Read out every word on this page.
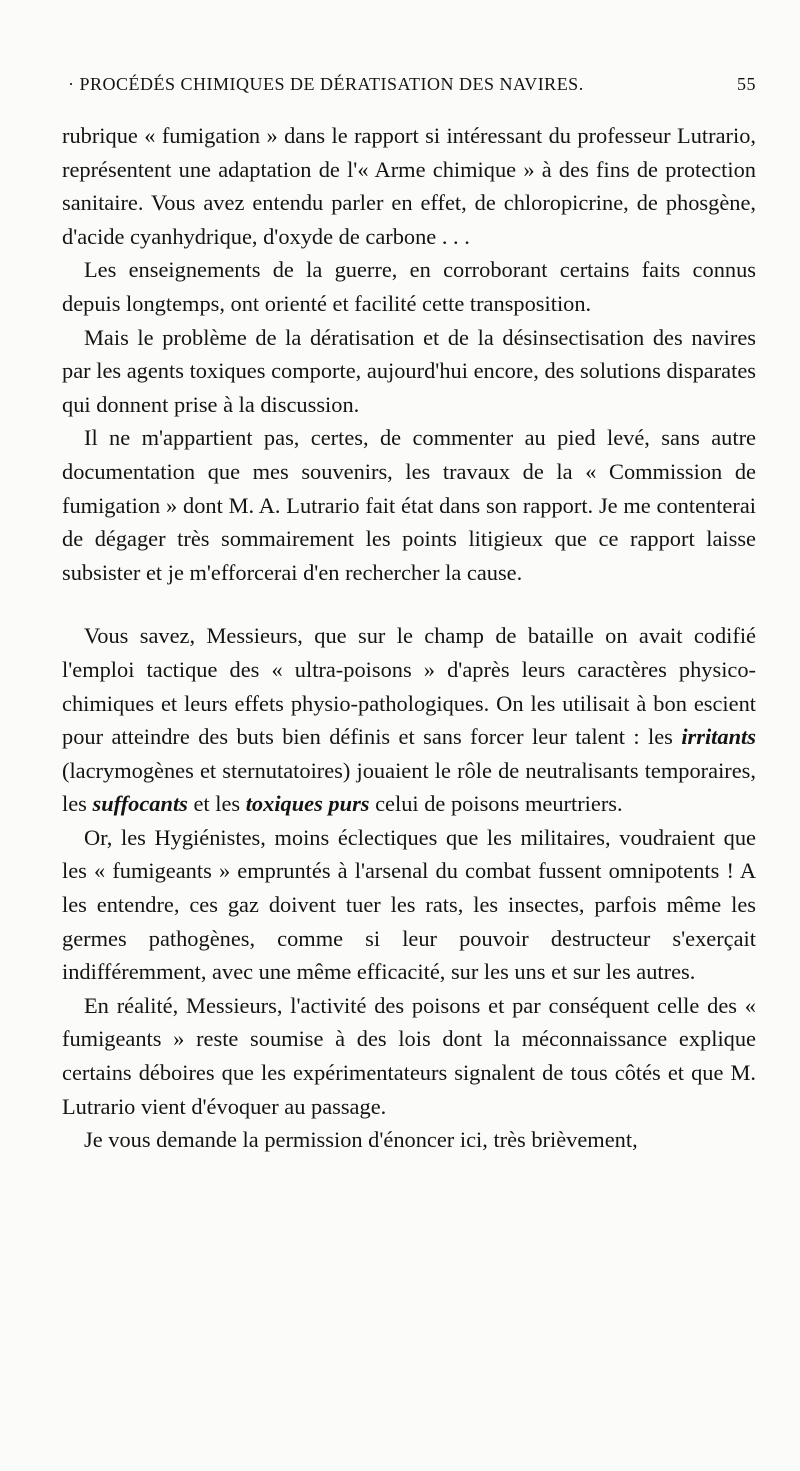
· PROCÉDÉS CHIMIQUES DE DÉRATISATION DES NAVIRES.	55

rubrique « fumigation » dans le rapport si intéressant du professeur Lutrario, représentent une adaptation de l'« Arme chimique » à des fins de protection sanitaire. Vous avez entendu parler en effet, de chloropicrine, de phosgène, d'acide cyanhydrique, d'oxyde de carbone . . .

Les enseignements de la guerre, en corroborant certains faits connus depuis longtemps, ont orienté et facilité cette transposition.

Mais le problème de la dératisation et de la désinsectisation des navires par les agents toxiques comporte, aujourd'hui encore, des solutions disparates qui donnent prise à la discussion.

Il ne m'appartient pas, certes, de commenter au pied levé, sans autre documentation que mes souvenirs, les travaux de la « Commission de fumigation » dont M. A. Lutrario fait état dans son rapport. Je me contenterai de dégager très sommairement les points litigieux que ce rapport laisse subsister et je m'efforcerai d'en rechercher la cause.

Vous savez, Messieurs, que sur le champ de bataille on avait codifié l'emploi tactique des « ultra-poisons » d'après leurs caractères physico-chimiques et leurs effets physio-pathologiques. On les utilisait à bon escient pour atteindre des buts bien définis et sans forcer leur talent : les irritants (lacrymogènes et sternutatoires) jouaient le rôle de neutralisants temporaires, les suffocants et les toxiques purs celui de poisons meurtriers.

Or, les Hygiénistes, moins éclectiques que les militaires, voudraient que les « fumigeants » empruntés à l'arsenal du combat fussent omnipotents ! A les entendre, ces gaz doivent tuer les rats, les insectes, parfois même les germes pathogènes, comme si leur pouvoir destructeur s'exerçait indifféremment, avec une même efficacité, sur les uns et sur les autres.

En réalité, Messieurs, l'activité des poisons et par conséquent celle des « fumigeants » reste soumise à des lois dont la méconnaissance explique certains déboires que les expérimentateurs signalent de tous côtés et que M. Lutrario vient d'évoquer au passage.

Je vous demande la permission d'énoncer ici, très brièvement,
